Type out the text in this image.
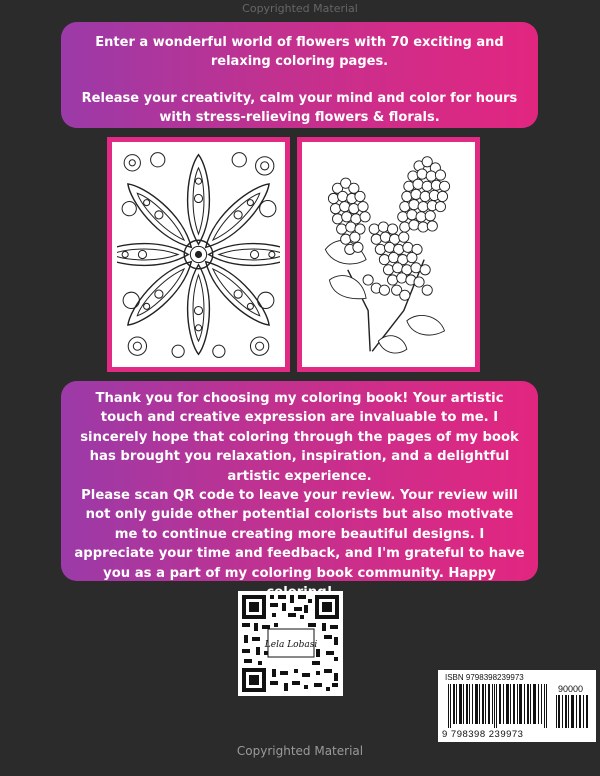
Copyrighted Material

Enter a wonderful world of flowers with 70 exciting and relaxing coloring pages.

Release your creativity, calm your mind and color for hours with stress-relieving flowers & florals.

Thank you for choosing my coloring book! Your artistic touch and creative expression are invaluable to me. I sincerely hope that coloring through the pages of my book has brought you relaxation, inspiration, and a delightful artistic experience.

Please scan QR code to leave your review. Your review will not only guide other potential colorists but also motivate me to continue creating more beautiful designs. I appreciate your time and feedback, and I'm grateful to have you as a part of my coloring book community. Happy

Lela Lobasi
ISBN 9798398239973
90000
9 798398 239973
Copyrighted Material
